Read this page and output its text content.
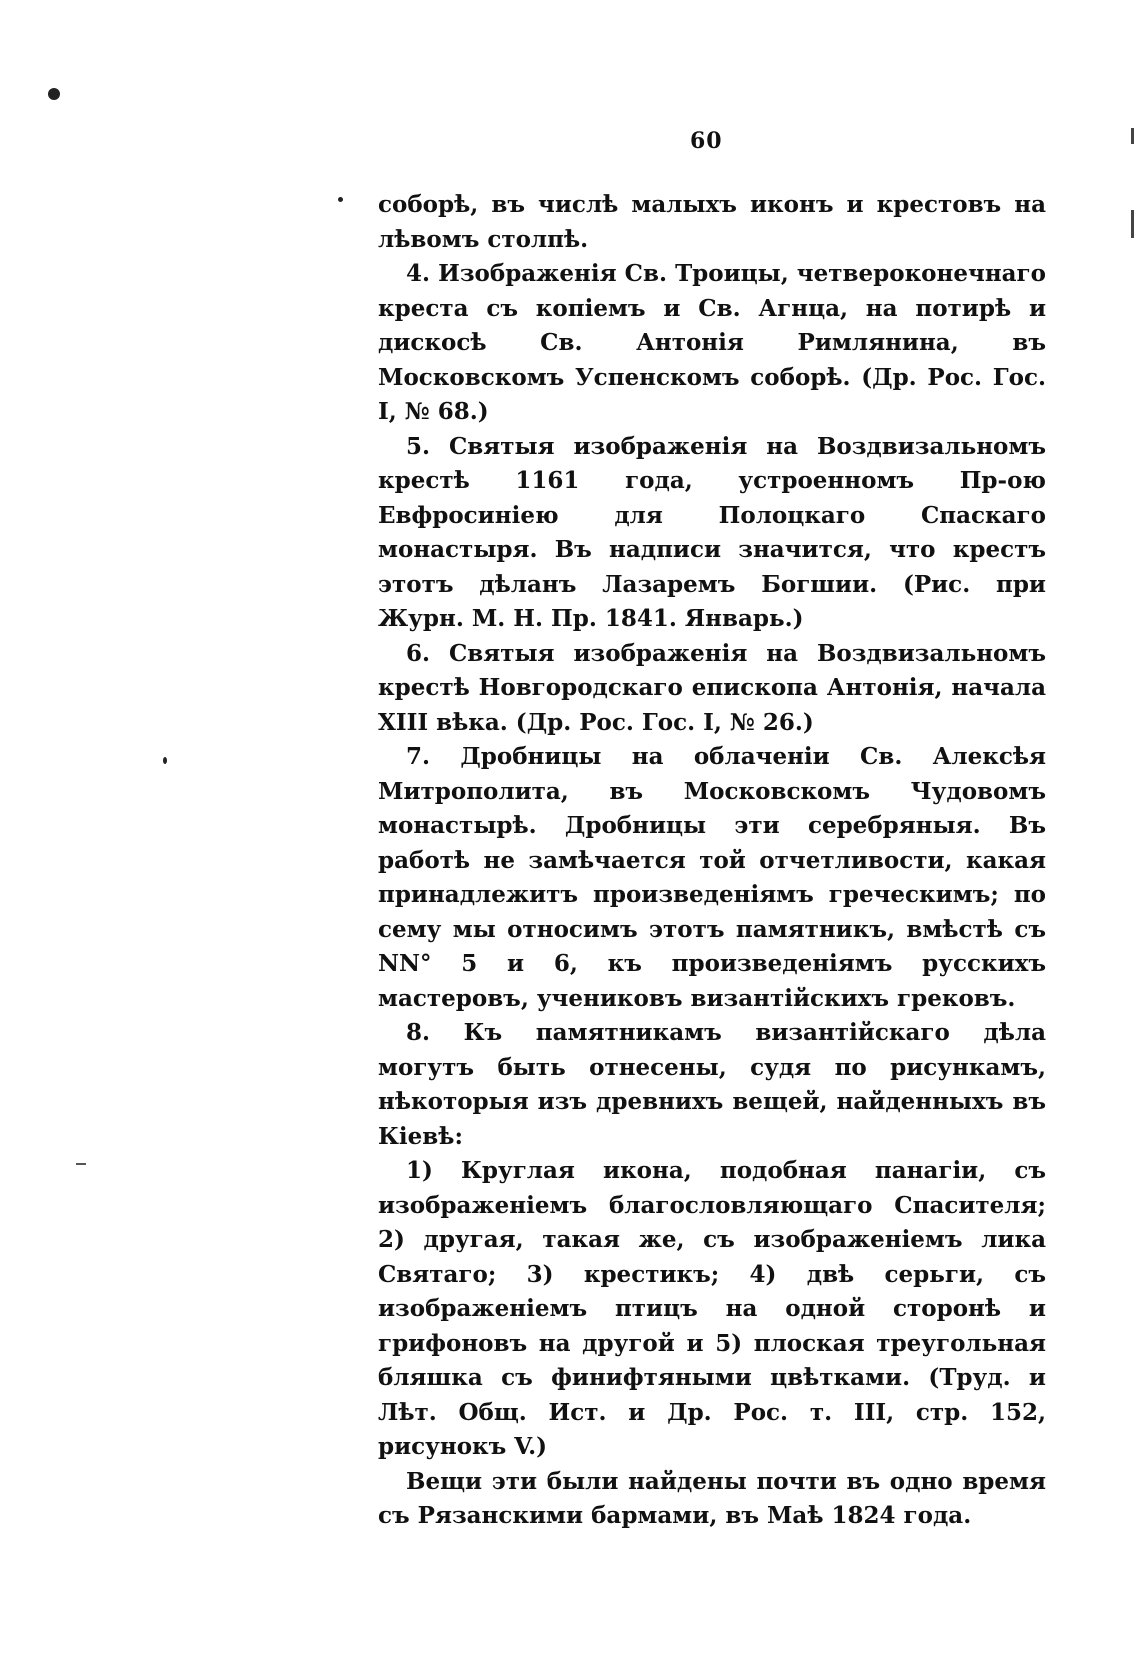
60

соборѣ, въ числѣ малыхъ иконъ и крестовъ на лѣвомъ столпѣ.

4. Изображенія Св. Троицы, четвероконечнаго креста съ копіемъ и Св. Агнца, на потирѣ и дискосѣ Св. Антонія Римлянина, въ Московскомъ Успенскомъ соборѣ. (Др. Рос. Гос. I, № 68.)

5. Святыя изображенія на Воздвизальномъ крестѣ 1161 года, устроенномъ Пр-ою Евфросиніею для Полоцкаго Спаскаго монастыря. Въ надписи значится, что крестъ этотъ дѣланъ Лазаремъ Богшии. (Рис. при Журн. М. Н. Пр. 1841. Январь.)

6. Святыя изображенія на Воздвизальномъ крестѣ Новгородскаго епископа Антонія, начала XIII вѣка. (Др. Рос. Гос. I, № 26.)

7. Дробницы на облаченіи Св. Алексѣя Митрополита, въ Московскомъ Чудовомъ монастырѣ. Дробницы эти серебряныя. Въ работѣ не замѣчается той отчетливости, какая принадлежитъ произведеніямъ греческимъ; по сему мы относимъ этотъ памятникъ, вмѣстѣ съ NN° 5 и 6, къ произведеніямъ русскихъ мастеровъ, учениковъ византійскихъ грековъ.

8. Къ памятникамъ византійскаго дѣла могутъ быть отнесены, судя по рисункамъ, нѣкоторыя изъ древнихъ вещей, найденныхъ въ Кіевѣ:

1) Круглая икона, подобная панагіи, съ изображеніемъ благословляющаго Спасителя; 2) другая, такая же, съ изображеніемъ лика Святаго; 3) крестикъ; 4) двѣ серьги, съ изображеніемъ птицъ на одной сторонѣ и грифоновъ на другой и 5) плоская треугольная бляшка съ финифтяными цвѣтками. (Труд. и Лѣт. Общ. Ист. и Др. Рос. т. III, стр. 152, рисунокъ V.)

Вещи эти были найдены почти въ одно время съ Рязанскими бармами, въ Маѣ 1824 года.
